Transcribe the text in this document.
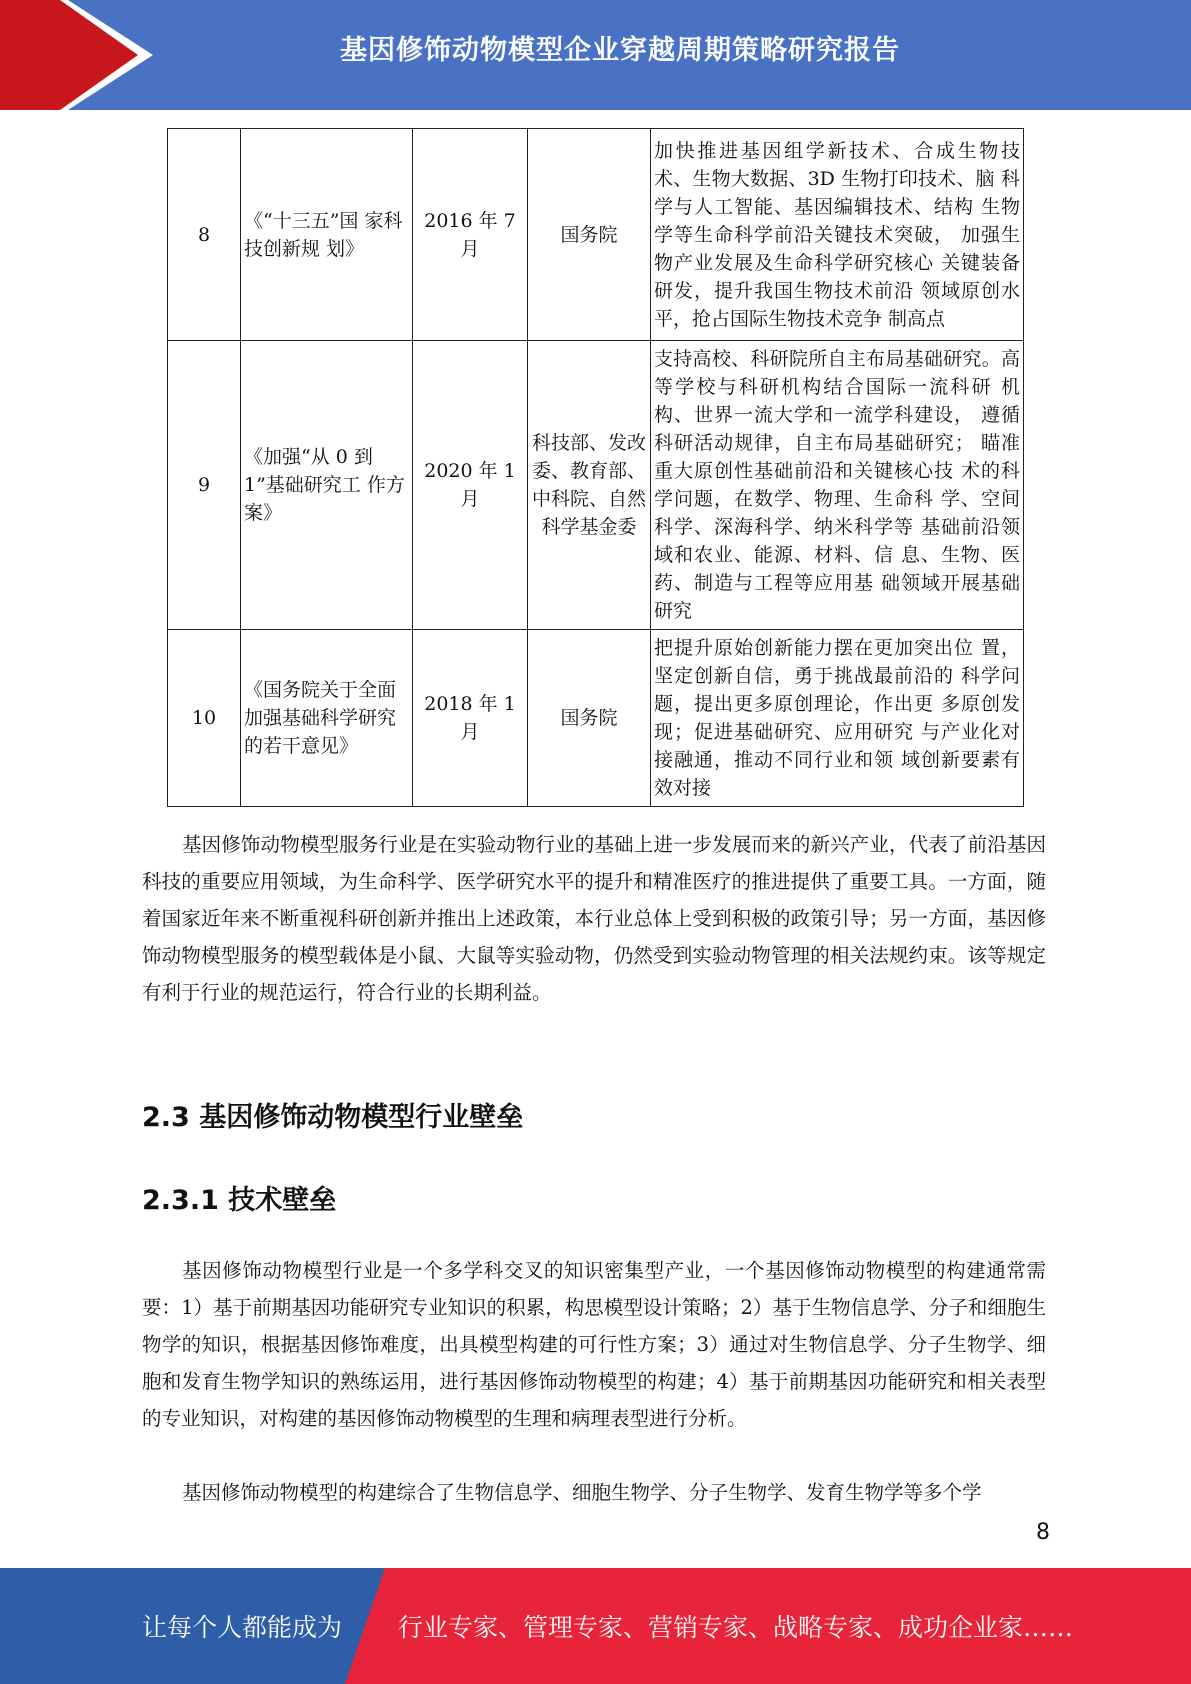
基因修饰动物模型企业穿越周期策略研究报告
8	《“十三五”国 家科技创新规 划》	2016 年 7月	国务院	加快推进基因组学新技术、合成生物技 术、生物大数据、3D 生物打印技术、脑 科学与人工智能、基因编辑技术、结构 生物学等生命科学前沿关键技术突破， 加强生物产业发展及生命科学研究核心 关键装备研发，提升我国生物技术前沿 领域原创水平，抢占国际生物技术竞争 制高点
9	《加强“从 0 到 1”基础研究工 作方案》	2020 年 1月	科技部、发改委、教育部、中科院、自然科学基金委	支持高校、科研院所自主布局基础研究。高等学校与科研机构结合国际一流科研 机构、世界一流大学和一流学科建设， 遵循科研活动规律，自主布局基础研究； 瞄准重大原创性基础前沿和关键核心技 术的科学问题，在数学、物理、生命科 学、空间科学、深海科学、纳米科学等 基础前沿领域和农业、能源、材料、信 息、生物、医药、制造与工程等应用基 础领域开展基础研究
10	《国务院关于全面加强基础科学研究的若干意见》	2018 年 1月	国务院	把提升原始创新能力摆在更加突出位 置，坚定创新自信，勇于挑战最前沿的 科学问题，提出更多原创理论，作出更 多原创发现；促进基础研究、应用研究 与产业化对接融通，推动不同行业和领 域创新要素有效对接

基因修饰动物模型服务行业是在实验动物行业的基础上进一步发展而来的新兴产业，代表了前沿基因科技的重要应用领域，为生命科学、医学研究水平的提升和精准医疗的推进提供了重要工具。一方面，随着国家近年来不断重视科研创新并推出上述政策，本行业总体上受到积极的政策引导；另一方面，基因修饰动物模型服务的模型载体是小鼠、大鼠等实验动物，仍然受到实验动物管理的相关法规约束。该等规定有利于行业的规范运行，符合行业的长期利益。

2.3 基因修饰动物模型行业壁垒
2.3.1 技术壁垒

基因修饰动物模型行业是一个多学科交叉的知识密集型产业，一个基因修饰动物模型的构建通常需要：1）基于前期基因功能研究专业知识的积累，构思模型设计策略；2）基于生物信息学、分子和细胞生物学的知识，根据基因修饰难度，出具模型构建的可行性方案；3）通过对生物信息学、分子生物学、细胞和发育生物学知识的熟练运用，进行基因修饰动物模型的构建；4）基于前期基因功能研究和相关表型的专业知识，对构建的基因修饰动物模型的生理和病理表型进行分析。

基因修饰动物模型的构建综合了生物信息学、细胞生物学、分子生物学、发育生物学等多个学

8
让每个人都能成为 行业专家、管理专家、营销专家、战略专家、成功企业家……
